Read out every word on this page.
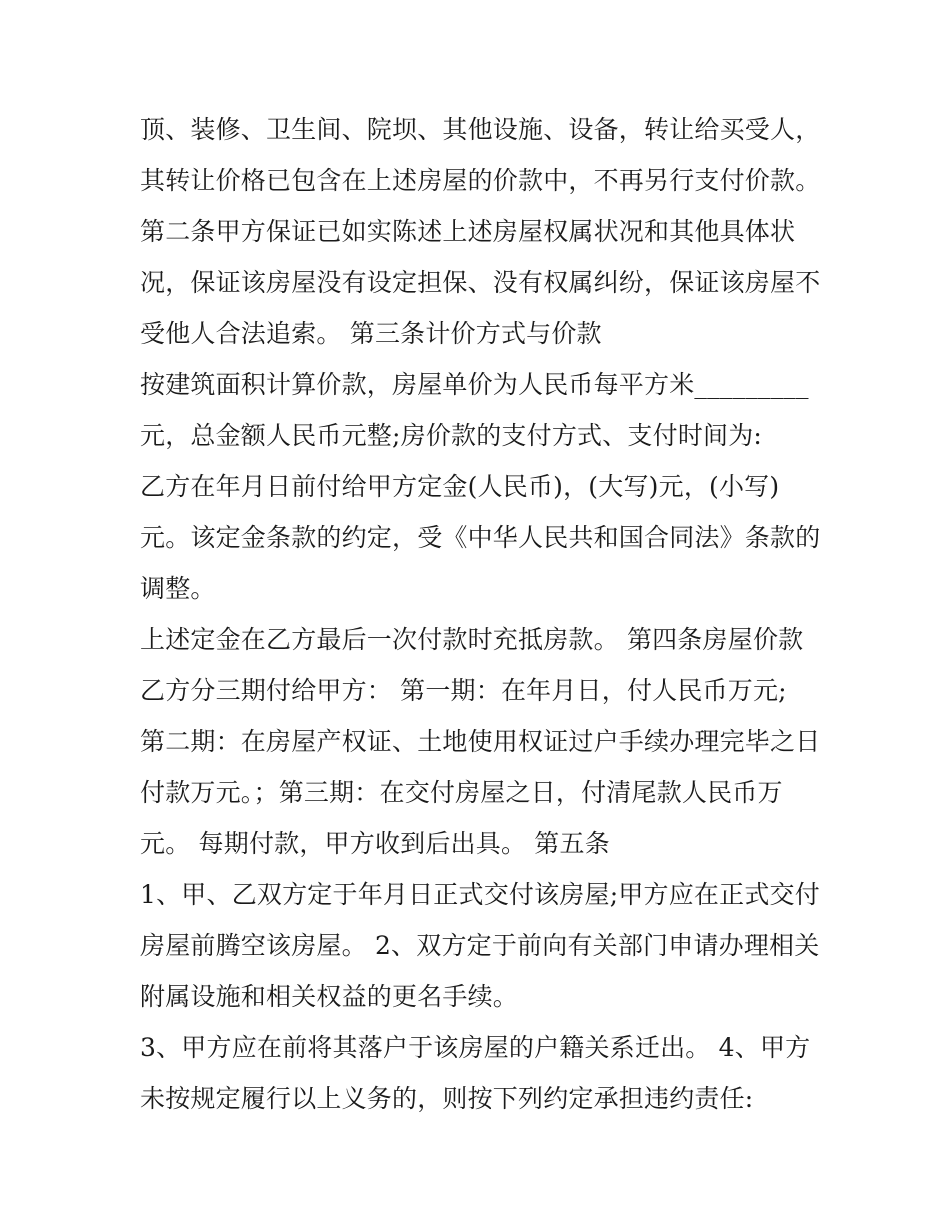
顶、装修、卫生间、院坝、其他设施、设备，转让给买受人，
其转让价格已包含在上述房屋的价款中，不再另行支付价款。
第二条甲方保证已如实陈述上述房屋权属状况和其他具体状
况，保证该房屋没有设定担保、没有权属纠纷，保证该房屋不
受他人合法追索。 第三条计价方式与价款
按建筑面积计算价款，房屋单价为人民币每平方米_________
元，总金额人民币元整;房价款的支付方式、支付时间为:
乙方在年月日前付给甲方定金(人民币)，(大写)元，(小写)
元。该定金条款的约定，受《中华人民共和国合同法》条款的
调整。
上述定金在乙方最后一次付款时充抵房款。 第四条房屋价款
乙方分三期付给甲方： 第一期：在年月日，付人民币万元;
第二期：在房屋产权证、土地使用权证过户手续办理完毕之日
付款万元。；第三期：在交付房屋之日，付清尾款人民币万
元。 每期付款，甲方收到后出具。 第五条
1、甲、乙双方定于年月日正式交付该房屋;甲方应在正式交付
房屋前腾空该房屋。 2、双方定于前向有关部门申请办理相关
附属设施和相关权益的更名手续。
3、甲方应在前将其落户于该房屋的户籍关系迁出。 4、甲方
未按规定履行以上义务的，则按下列约定承担违约责任:
